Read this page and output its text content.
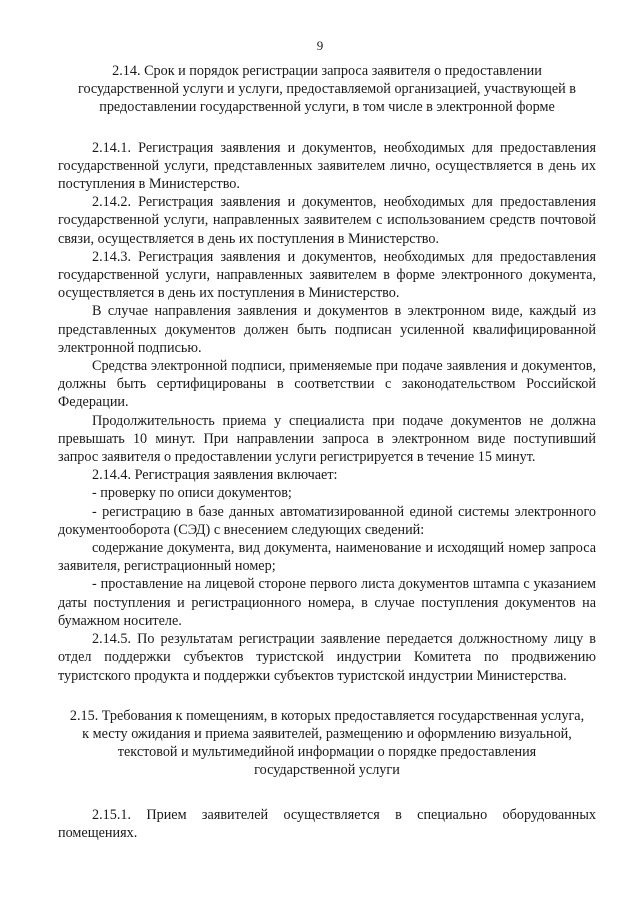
9
2.14. Срок и порядок регистрации запроса заявителя о предоставлении государственной услуги и услуги, предоставляемой организацией, участвующей в предоставлении государственной услуги, в том числе в электронной форме

2.14.1. Регистрация заявления и документов, необходимых для предоставления государственной услуги, представленных заявителем лично, осуществляется в день их поступления в Министерство.

2.14.2. Регистрация заявления и документов, необходимых для предоставления государственной услуги, направленных заявителем с использованием средств почтовой связи, осуществляется в день их поступления в Министерство.

2.14.3. Регистрация заявления и документов, необходимых для предоставления государственной услуги, направленных заявителем в форме электронного документа, осуществляется в день их поступления в Министерство.

В случае направления заявления и документов в электронном виде, каждый из представленных документов должен быть подписан усиленной квалифицированной электронной подписью.

Средства электронной подписи, применяемые при подаче заявления и документов, должны быть сертифицированы в соответствии с законодательством Российской Федерации.

Продолжительность приема у специалиста при подаче документов не должна превышать 10 минут. При направлении запроса в электронном виде поступивший запрос заявителя о предоставлении услуги регистрируется в течение 15 минут.

2.14.4. Регистрация заявления включает:

- проверку по описи документов;

- регистрацию в базе данных автоматизированной единой системы электронного документооборота (СЭД) с внесением следующих сведений:

содержание документа, вид документа, наименование и исходящий номер запроса заявителя, регистрационный номер;

- проставление на лицевой стороне первого листа документов штампа с указанием даты поступления и регистрационного номера, в случае поступления документов на бумажном носителе.

2.14.5. По результатам регистрации заявление передается должностному лицу в отдел поддержки субъектов туристской индустрии Комитета по продвижению туристского продукта и поддержки субъектов туристской индустрии Министерства.

2.15. Требования к помещениям, в которых предоставляется государственная услуга, к месту ожидания и приема заявителей, размещению и оформлению визуальной, текстовой и мультимедийной информации о порядке предоставления государственной услуги

2.15.1. Прием заявителей осуществляется в специально оборудованных помещениях.
